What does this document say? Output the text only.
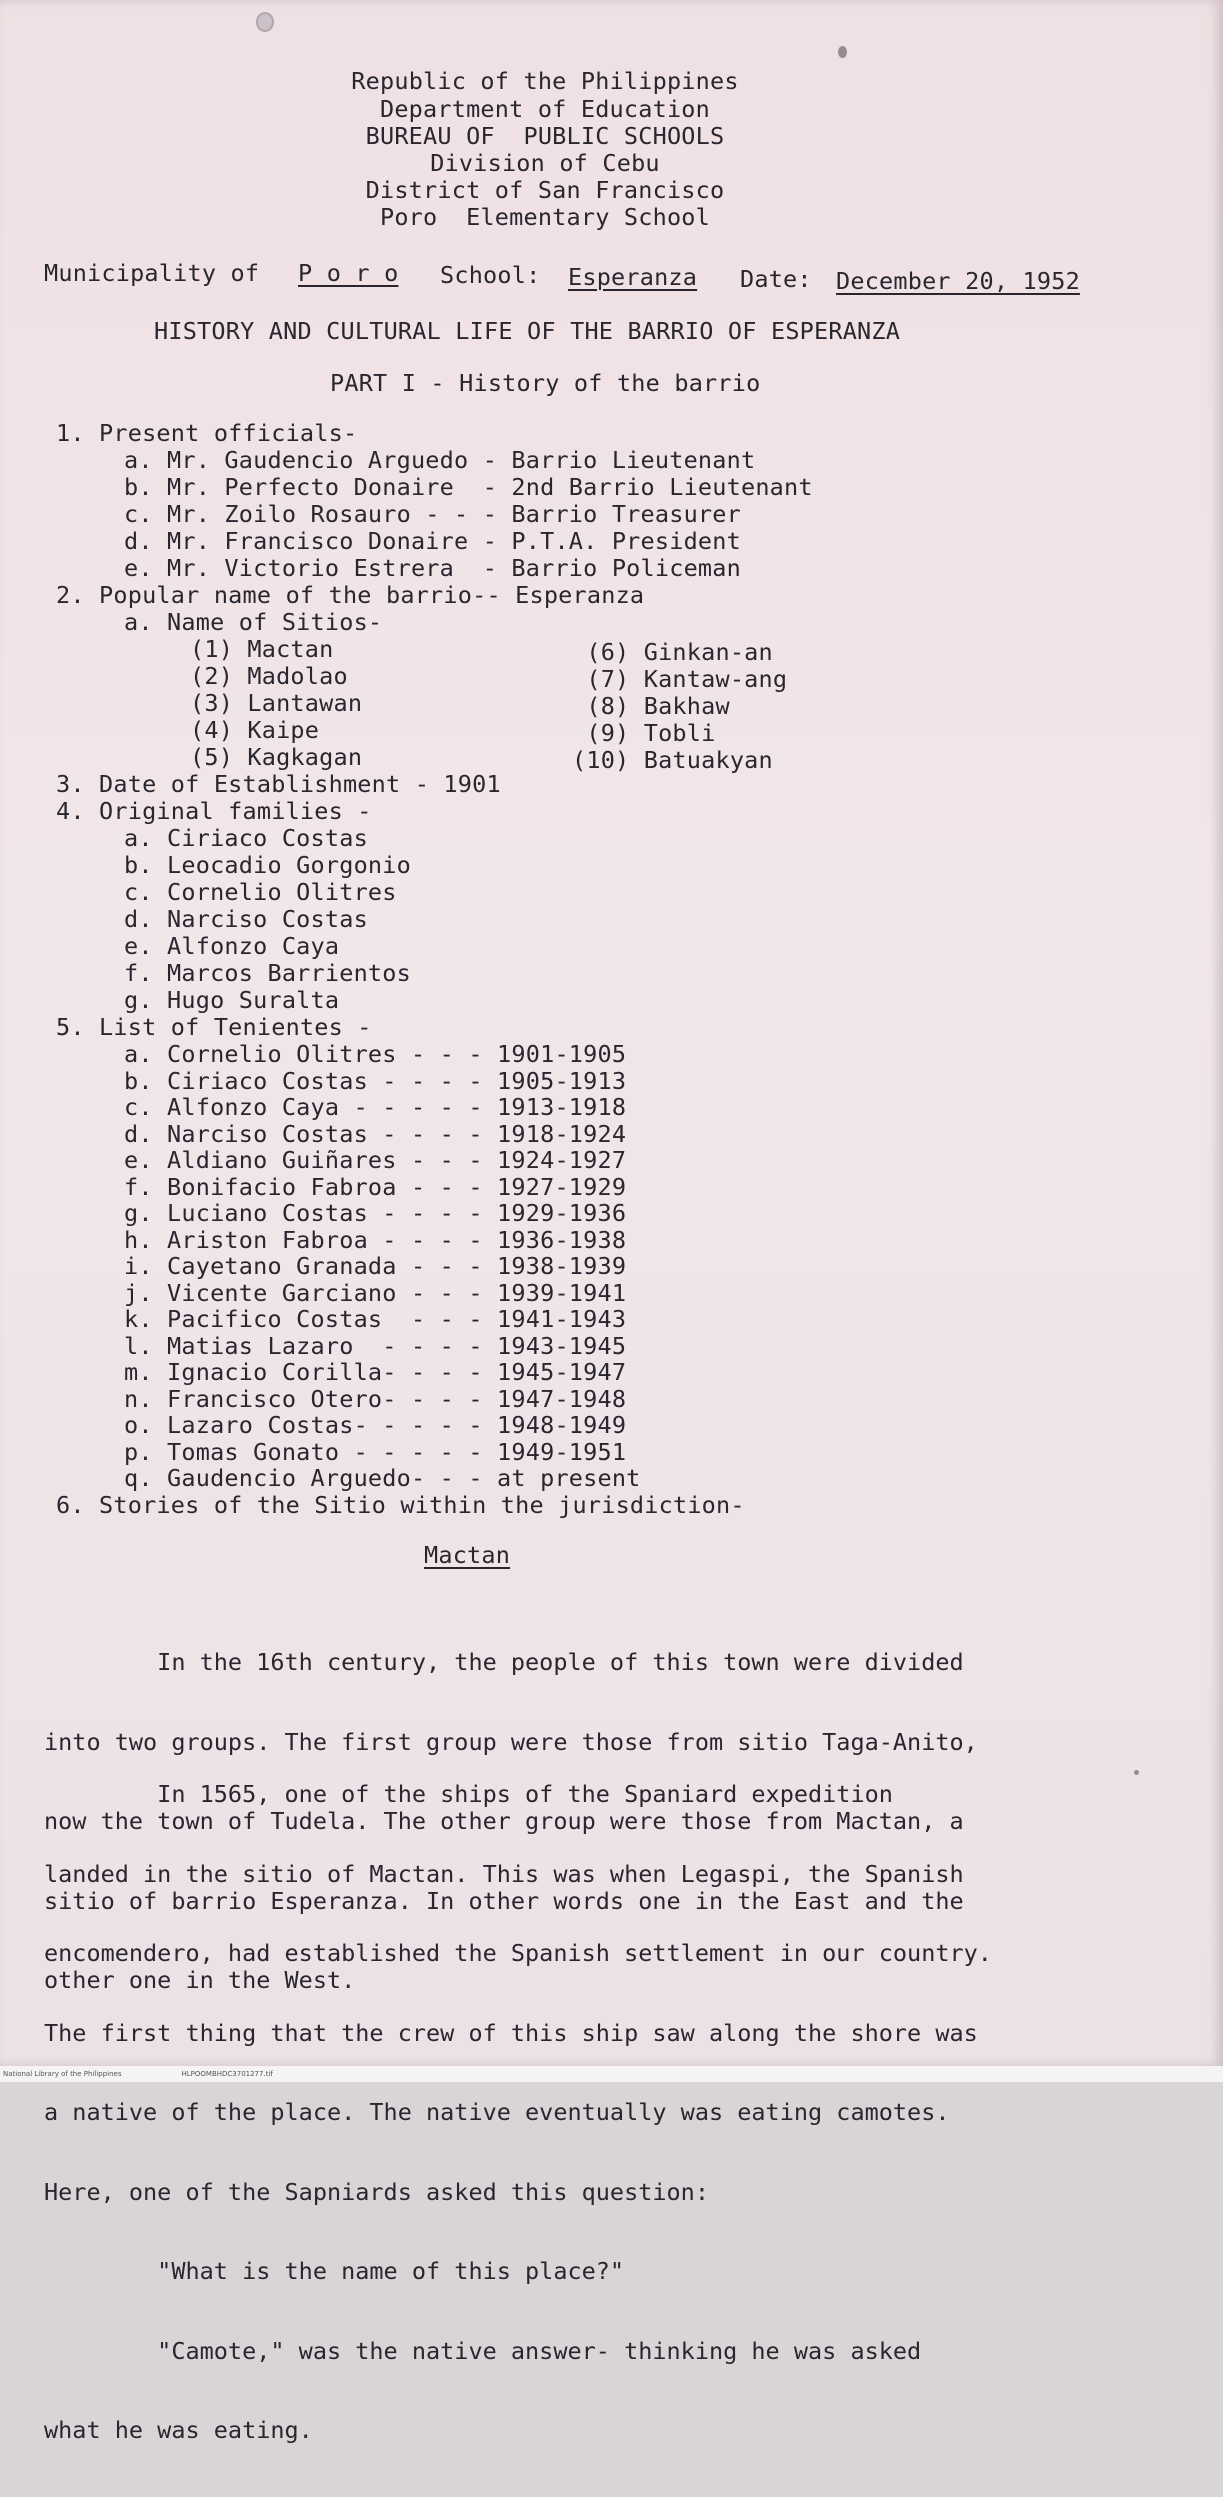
Republic of the Philippines
Department of Education
BUREAU OF  PUBLIC SCHOOLS
Division of Cebu
District of San Francisco
Poro  Elementary School
Municipality of P o r o School: Esperanza Date: December 20, 1952
HISTORY AND CULTURAL LIFE OF THE BARRIO OF ESPERANZA
PART I - History of the barrio
1. Present officials-
a. Mr. Gaudencio Arguedo - Barrio Lieutenant
b. Mr. Perfecto Donaire  - 2nd Barrio Lieutenant
c. Mr. Zoilo Rosauro - - - Barrio Treasurer
d. Mr. Francisco Donaire - P.T.A. President
e. Mr. Victorio Estrera  - Barrio Policeman
2. Popular name of the barrio-- Esperanza
a. Name of Sitios-
(1) Mactan
(2) Madolao
(3) Lantawan
(4) Kaipe
(5) Kagkagan
(6) Ginkan-an
(7) Kantaw-ang
(8) Bakhaw
(9) Tobli
(10) Batuakyan
3. Date of Establishment - 1901
4. Original families -
a. Ciriaco Costas
b. Leocadio Gorgonio
c. Cornelio Olitres
d. Narciso Costas
e. Alfonzo Caya
f. Marcos Barrientos
g. Hugo Suralta
5. List of Tenientes -
a. Cornelio Olitres - - - 1901-1905
b. Ciriaco Costas - - - - 1905-1913
c. Alfonzo Caya - - - - - 1913-1918
d. Narciso Costas - - - - 1918-1924
e. Aldiano Guiñares - - - 1924-1927
f. Bonifacio Fabroa - - - 1927-1929
g. Luciano Costas - - - - 1929-1936
h. Ariston Fabroa - - - - 1936-1938
i. Cayetano Granada - - - 1938-1939
j. Vicente Garciano - - - 1939-1941
k. Pacifico Costas  - - - 1941-1943
l. Matias Lazaro  - - - - 1943-1945
m. Ignacio Corilla- - - - 1945-1947
n. Francisco Otero- - - - 1947-1948
o. Lazaro Costas- - - - - 1948-1949
p. Tomas Gonato - - - - - 1949-1951
q. Gaudencio Arguedo- - - at present
6. Stories of the Sitio within the jurisdiction-
Mactan

In the 16th century, the people of this town were divided

into two groups. The first group were those from sitio Taga-Anito,

now the town of Tudela. The other group were those from Mactan, a

sitio of barrio Esperanza. In other words one in the East and the

other one in the West.

In 1565, one of the ships of the Spaniard expedition

landed in the sitio of Mactan. This was when Legaspi, the Spanish

encomendero, had established the Spanish settlement in our country.

The first thing that the crew of this ship saw along the shore was

a native of the place. The native eventually was eating camotes.

Here, one of the Sapniards asked this question:

"What is the name of this place?"

"Camote," was the native answer- thinking he was asked

what he was eating.

National Library of the Philippines	HLPOOMBHDC3701277.tif
